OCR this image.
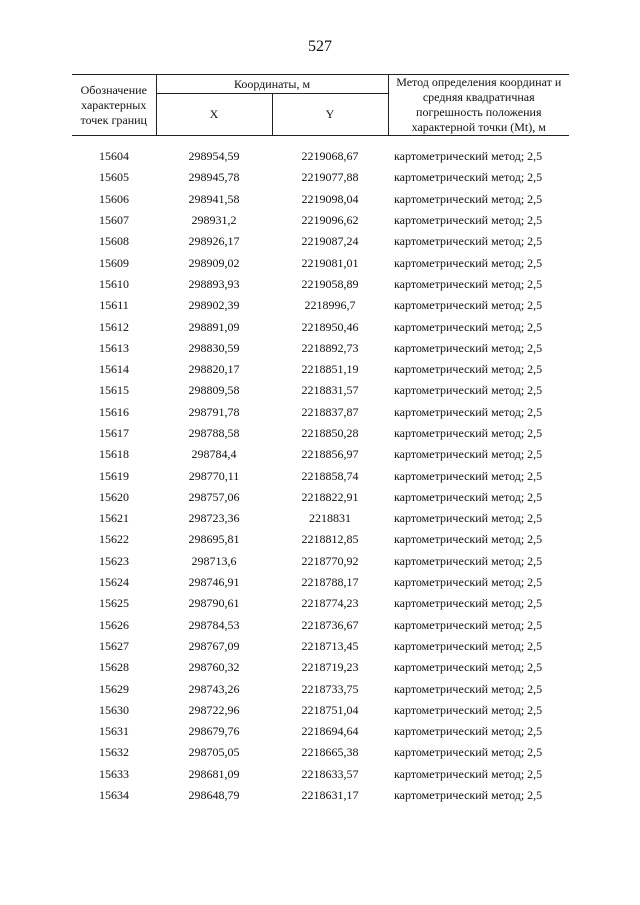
527
Обозначение характерных точек границ	Координаты, м		Метод определения координат и средняя квадратичная погрешность положения характерной точки (Mt), м
	X	Y	

15604	298954,59	2219068,67	картометрический метод; 2,5
15605	298945,78	2219077,88	картометрический метод; 2,5
15606	298941,58	2219098,04	картометрический метод; 2,5
15607	298931,2	2219096,62	картометрический метод; 2,5
15608	298926,17	2219087,24	картометрический метод; 2,5
15609	298909,02	2219081,01	картометрический метод; 2,5
15610	298893,93	2219058,89	картометрический метод; 2,5
15611	298902,39	2218996,7	картометрический метод; 2,5
15612	298891,09	2218950,46	картометрический метод; 2,5
15613	298830,59	2218892,73	картометрический метод; 2,5
15614	298820,17	2218851,19	картометрический метод; 2,5
15615	298809,58	2218831,57	картометрический метод; 2,5
15616	298791,78	2218837,87	картометрический метод; 2,5
15617	298788,58	2218850,28	картометрический метод; 2,5
15618	298784,4	2218856,97	картометрический метод; 2,5
15619	298770,11	2218858,74	картометрический метод; 2,5
15620	298757,06	2218822,91	картометрический метод; 2,5
15621	298723,36	2218831	картометрический метод; 2,5
15622	298695,81	2218812,85	картометрический метод; 2,5
15623	298713,6	2218770,92	картометрический метод; 2,5
15624	298746,91	2218788,17	картометрический метод; 2,5
15625	298790,61	2218774,23	картометрический метод; 2,5
15626	298784,53	2218736,67	картометрический метод; 2,5
15627	298767,09	2218713,45	картометрический метод; 2,5
15628	298760,32	2218719,23	картометрический метод; 2,5
15629	298743,26	2218733,75	картометрический метод; 2,5
15630	298722,96	2218751,04	картометрический метод; 2,5
15631	298679,76	2218694,64	картометрический метод; 2,5
15632	298705,05	2218665,38	картометрический метод; 2,5
15633	298681,09	2218633,57	картометрический метод; 2,5
15634	298648,79	2218631,17	картометрический метод; 2,5
